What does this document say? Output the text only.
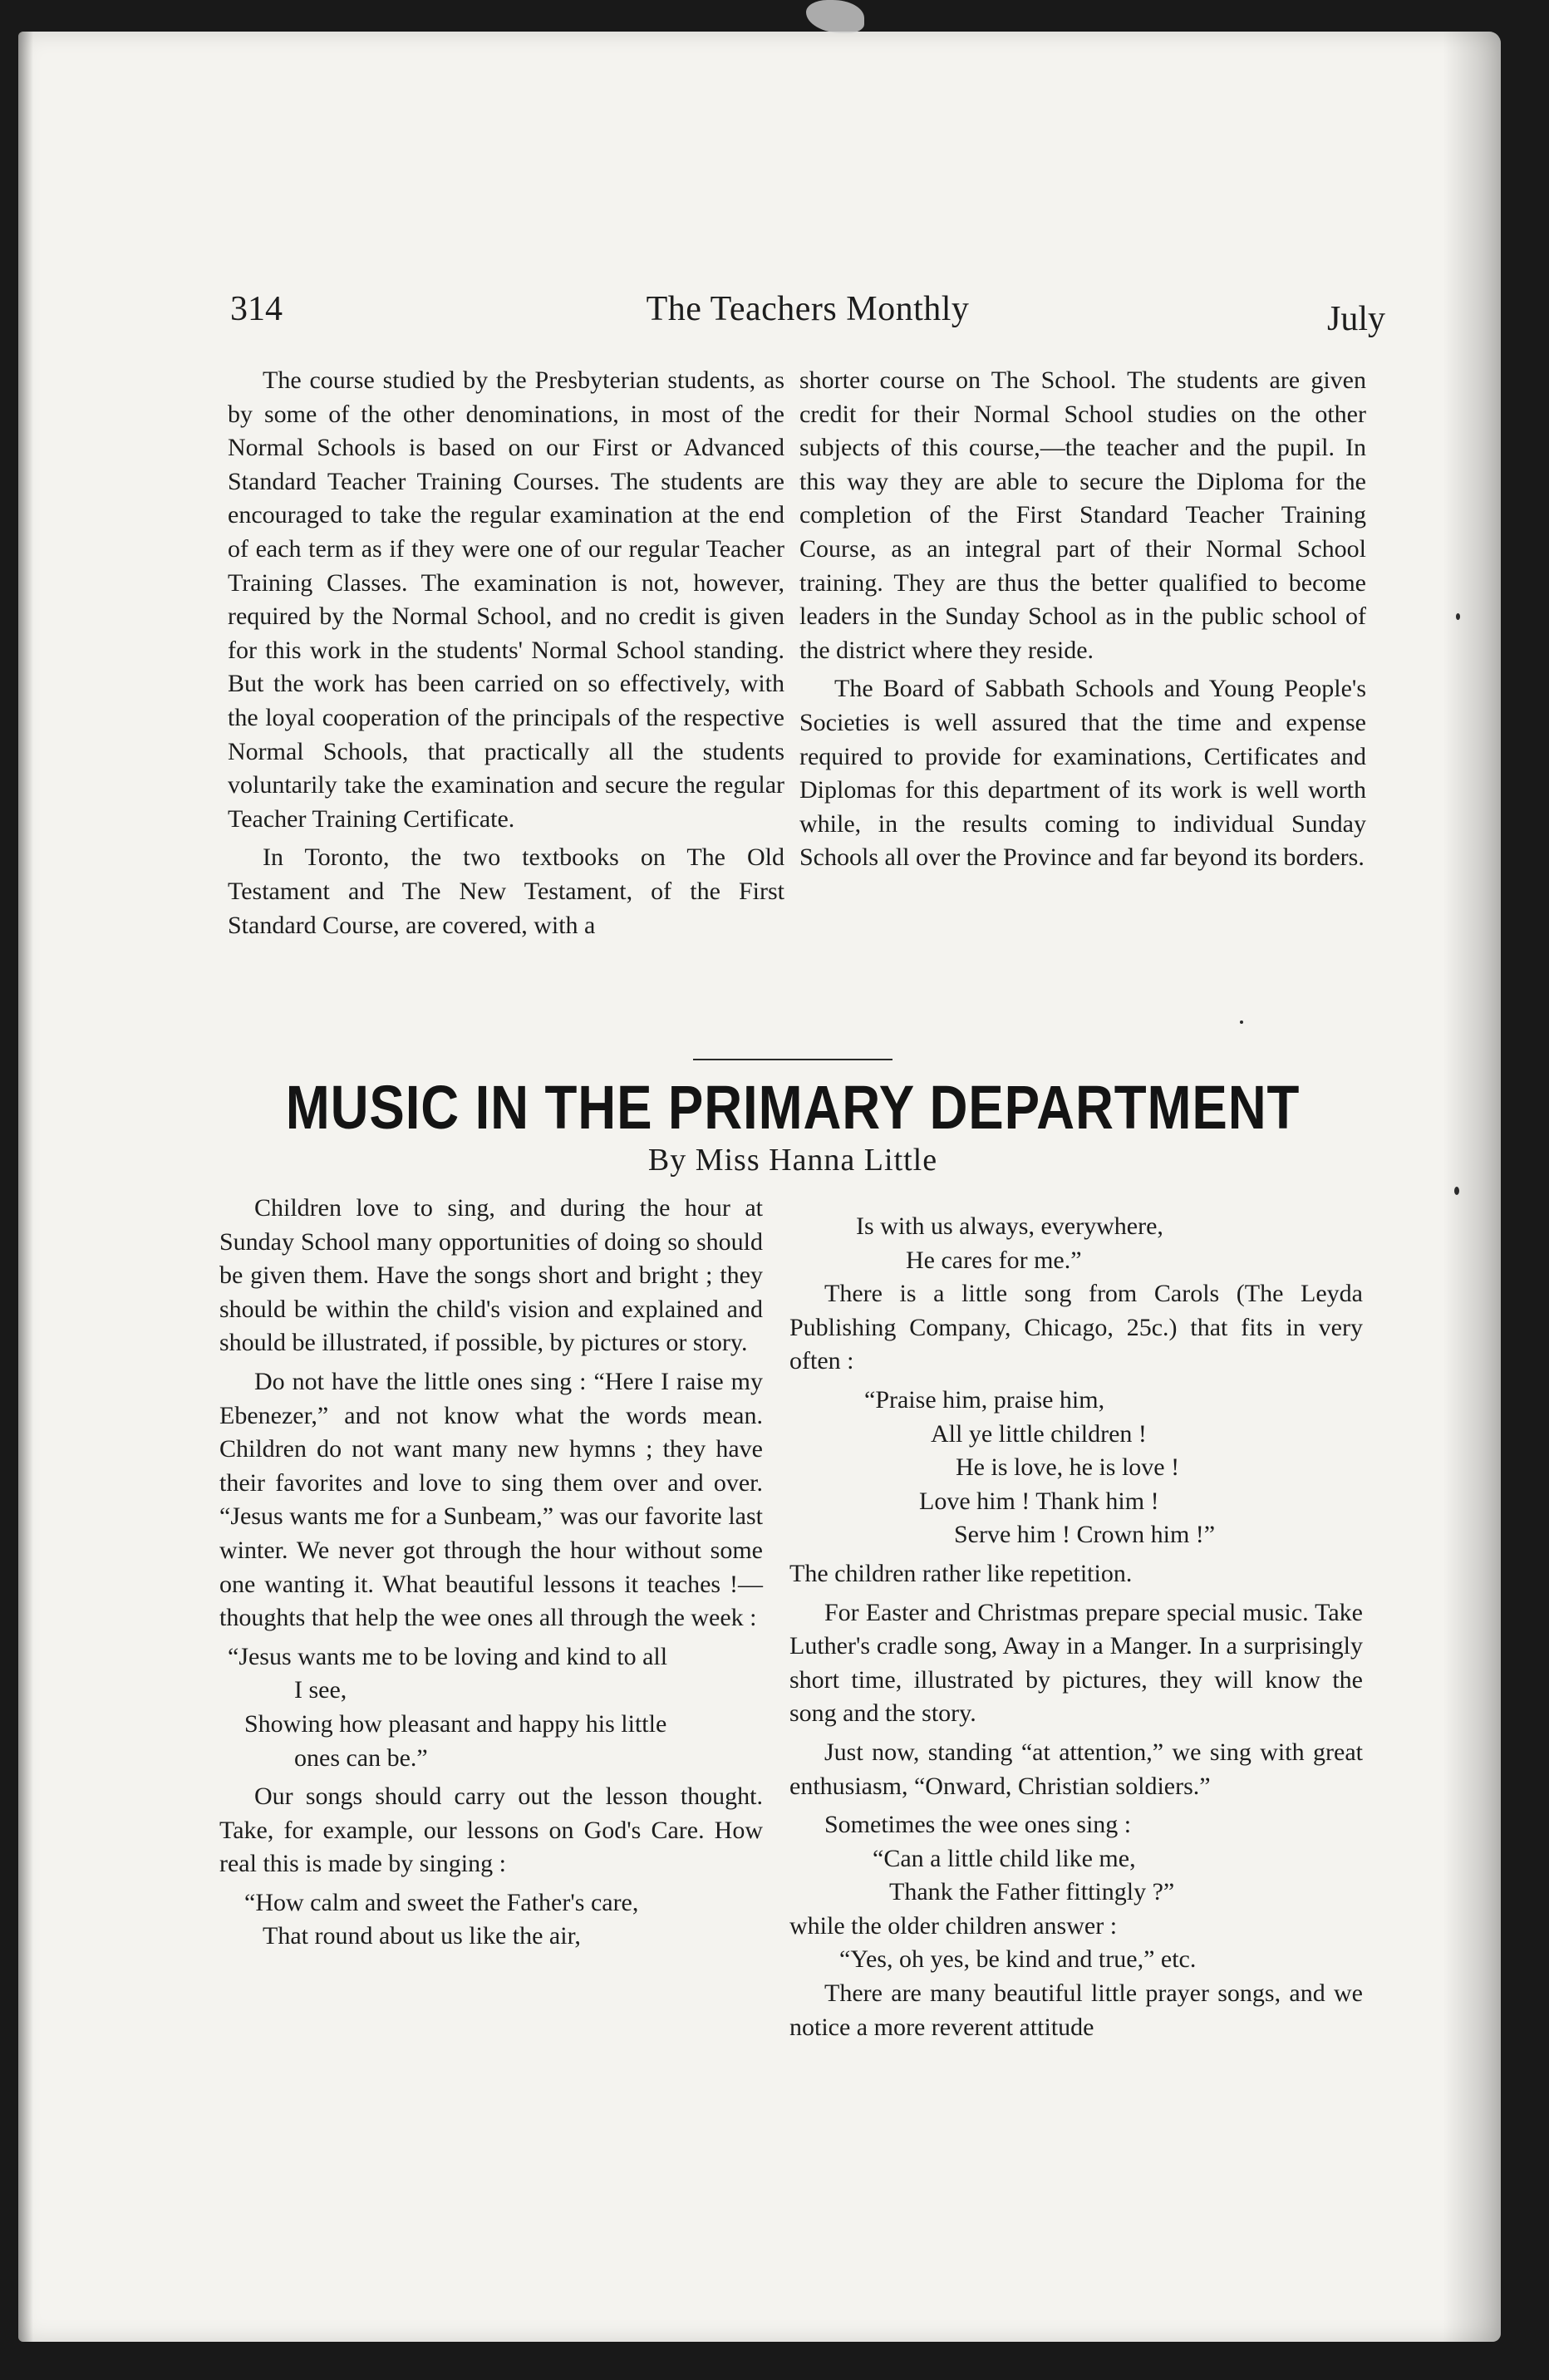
314	The Teachers Monthly	July

The course studied by the Presbyterian students, as by some of the other denominations, in most of the Normal Schools is based on our First or Advanced Standard Teacher Training Courses. The students are encouraged to take the regular examination at the end of each term as if they were one of our regular Teacher Training Classes. The examination is not, however, required by the Normal School, and no credit is given for this work in the students' Normal School standing. But the work has been carried on so effectively, with the loyal cooperation of the principals of the respective Normal Schools, that practically all the students voluntarily take the examination and secure the regular Teacher Training Certificate.

In Toronto, the two textbooks on The Old Testament and The New Testament, of the First Standard Course, are covered, with a

shorter course on The School. The students are given credit for their Normal School studies on the other subjects of this course,—the teacher and the pupil. In this way they are able to secure the Diploma for the completion of the First Standard Teacher Training Course, as an integral part of their Normal School training. They are thus the better qualified to become leaders in the Sunday School as in the public school of the district where they reside.

The Board of Sabbath Schools and Young People's Societies is well assured that the time and expense required to provide for examinations, Certificates and Diplomas for this department of its work is well worth while, in the results coming to individual Sunday Schools all over the Province and far beyond its borders.

MUSIC IN THE PRIMARY DEPARTMENT
By Miss Hanna Little

Children love to sing, and during the hour at Sunday School many opportunities of doing so should be given them. Have the songs short and bright ; they should be within the child's vision and explained and should be illustrated, if possible, by pictures or story.

Do not have the little ones sing : “Here I raise my Ebenezer,” and not know what the words mean. Children do not want many new hymns ; they have their favorites and love to sing them over and over. “Jesus wants me for a Sunbeam,” was our favorite last winter. We never got through the hour without some one wanting it. What beautiful lessons it teaches !—thoughts that help the wee ones all through the week :

“Jesus wants me to be loving and kind to all
I see,
Showing how pleasant and happy his little
ones can be.”

Our songs should carry out the lesson thought. Take, for example, our lessons on God's Care. How real this is made by singing :

“How calm and sweet the Father's care,
That round about us like the air,
Is with us always, everywhere,
He cares for me.”

There is a little song from Carols (The Leyda Publishing Company, Chicago, 25c.) that fits in very often :

“Praise him, praise him,
All ye little children !
He is love, he is love !
Love him ! Thank him !
Serve him ! Crown him !”

The children rather like repetition.

For Easter and Christmas prepare special music. Take Luther's cradle song, Away in a Manger. In a surprisingly short time, illustrated by pictures, they will know the song and the story.

Just now, standing “at attention,” we sing with great enthusiasm, “Onward, Christian soldiers.”

Sometimes the wee ones sing :

“Can a little child like me,
Thank the Father fittingly ?”

while the older children answer :

“Yes, oh yes, be kind and true,” etc.

There are many beautiful little prayer songs, and we notice a more reverent attitude
